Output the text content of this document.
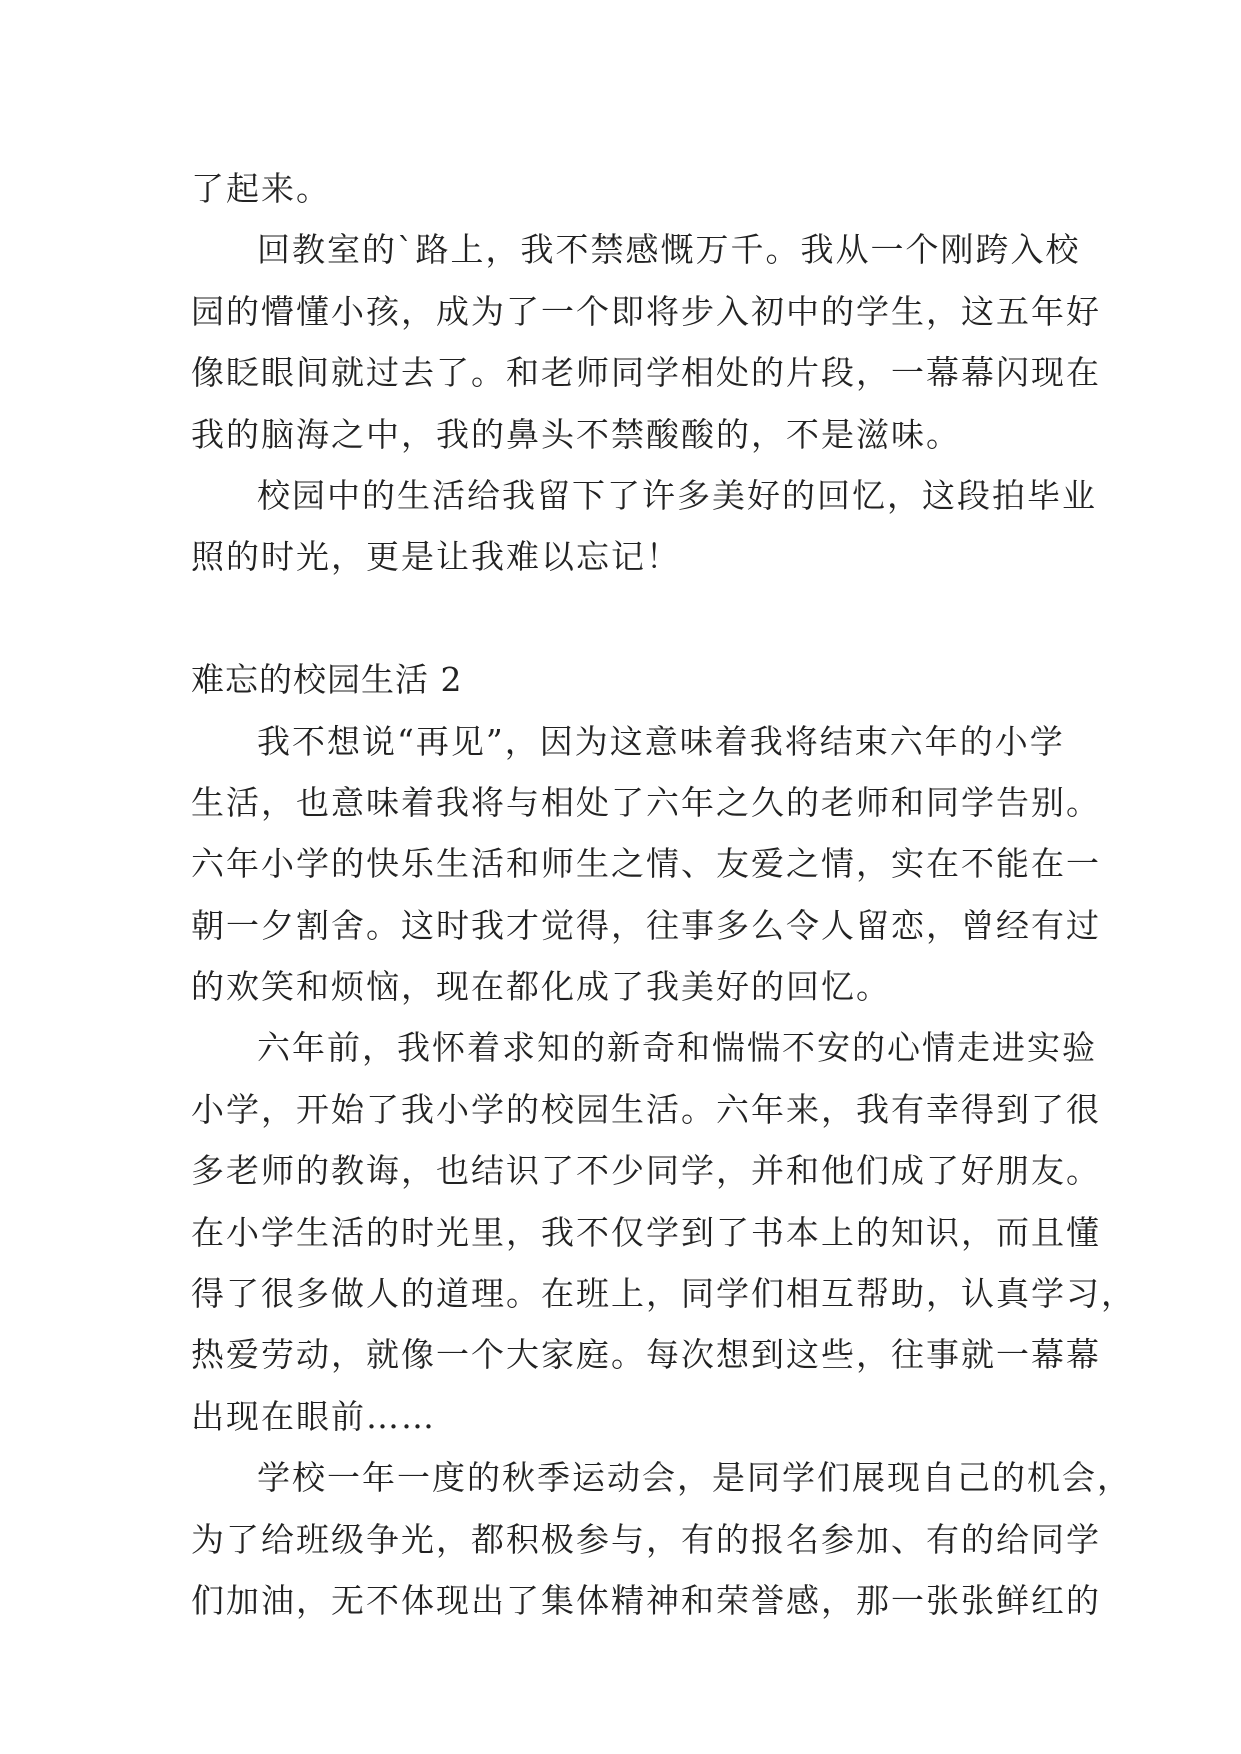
了起来。
回教室的`路上，我不禁感慨万千。我从一个刚跨入校
园的懵懂小孩，成为了一个即将步入初中的学生，这五年好
像眨眼间就过去了。和老师同学相处的片段，一幕幕闪现在
我的脑海之中，我的鼻头不禁酸酸的，不是滋味。
校园中的生活给我留下了许多美好的回忆，这段拍毕业
照的时光，更是让我难以忘记！
难忘的校园生活 2
我不想说“再见”，因为这意味着我将结束六年的小学
生活，也意味着我将与相处了六年之久的老师和同学告别。
六年小学的快乐生活和师生之情、友爱之情，实在不能在一
朝一夕割舍。这时我才觉得，往事多么令人留恋，曾经有过
的欢笑和烦恼，现在都化成了我美好的回忆。
六年前，我怀着求知的新奇和惴惴不安的心情走进实验
小学，开始了我小学的校园生活。六年来，我有幸得到了很
多老师的教诲，也结识了不少同学，并和他们成了好朋友。
在小学生活的时光里，我不仅学到了书本上的知识，而且懂
得了很多做人的道理。在班上，同学们相互帮助，认真学习，
热爱劳动，就像一个大家庭。每次想到这些，往事就一幕幕
出现在眼前……
学校一年一度的秋季运动会，是同学们展现自己的机会，
为了给班级争光，都积极参与，有的报名参加、有的给同学
们加油，无不体现出了集体精神和荣誉感，那一张张鲜红的
